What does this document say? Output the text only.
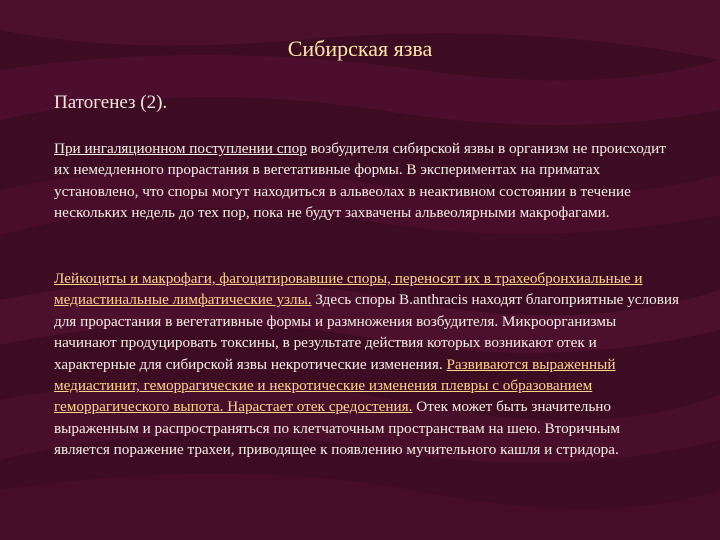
Сибирская язва
Патогенез (2).
При ингаляционном поступлении спор возбудителя сибирской язвы в организм не происходит их немедленного прорастания в вегетативные формы. В экспериментах на приматах установлено, что споры могут находиться в альвеолах в неактивном состоянии в течение нескольких недель до тех пор, пока не будут захвачены альвеолярными макрофагами.
Лейкоциты и макрофаги, фагоцитировавшие споры, переносят их в трахеобронхиальные и медиастинальные лимфатические узлы. Здесь споры B.anthracis находят благоприятные условия для прорастания в вегетативные формы и размножения возбудителя. Микроорганизмы начинают продуцировать токсины, в результате действия которых возникают отек и характерные для сибирской язвы некротические изменения. Развиваются выраженный медиастинит, геморрагические и некротические изменения плевры с образованием геморрагического выпота. Нарастает отек средостения. Отек может быть значительно выраженным и распространяться по клетчаточным пространствам на шею. Вторичным является поражение трахеи, приводящее к появлению мучительного кашля и стридора.
